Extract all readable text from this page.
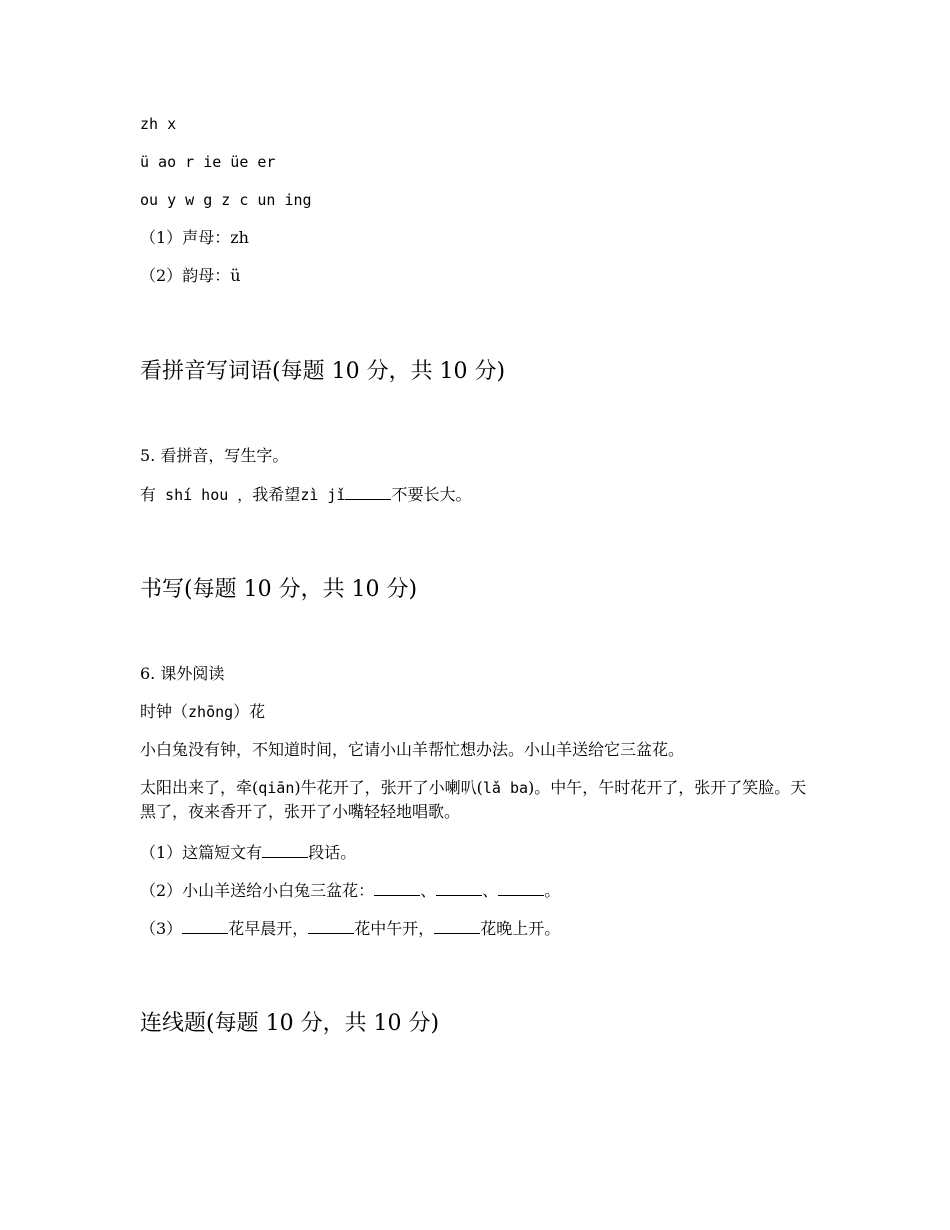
zh x
ü ao r ie üe er
ou y w g z c un ing
（1）声母：zh
（2）韵母：ü
看拼音写词语(每题 10 分，共 10 分)
5. 看拼音，写生字。
有 shí hou ，我希望zì jǐ	不要长大。
书写(每题 10 分，共 10 分)
6. 课外阅读
时钟（zhōng）花
小白兔没有钟，不知道时间，它请小山羊帮忙想办法。小山羊送给它三盆花。
太阳出来了，牵(qiān)牛花开了，张开了小喇叭(lǎ ba)。中午，午时花开了，张开了笑脸。天黑了，夜来香开了，张开了小嘴轻轻地唱歌。
（1）这篇短文有	段话。
（2）小山羊送给小白兔三盆花：	、	、	。
（3）	花早晨开，	花中午开，	花晚上开。
连线题(每题 10 分，共 10 分)
